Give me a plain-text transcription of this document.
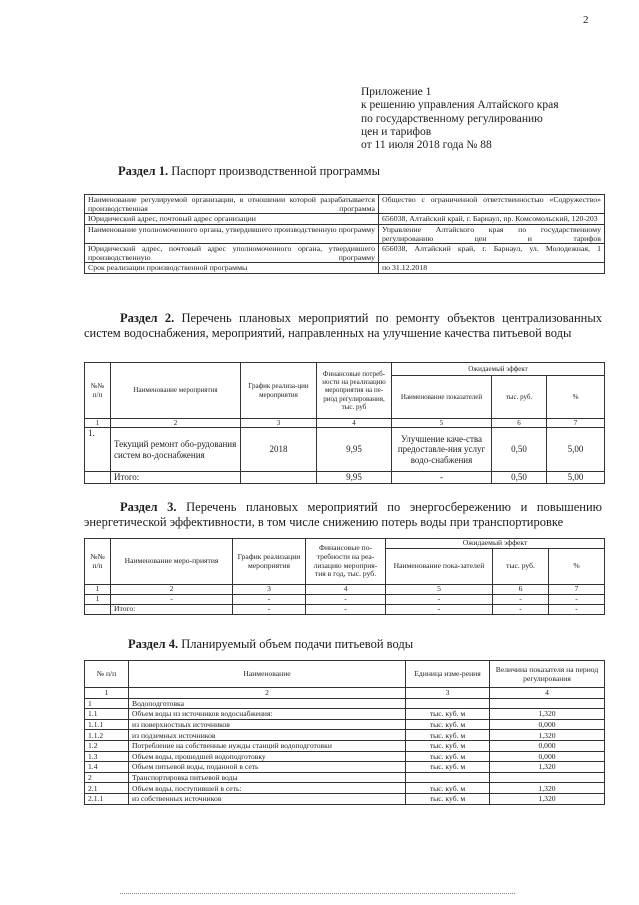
2
Приложение 1
к решению управления Алтайского края
по государственному регулированию
цен и тарифов
от 11 июля 2018 года № 88
Раздел 1. Паспорт производственной программы
Наименование регулируемой организации, в отношении которой разрабатывается производственная программа	Общество с ограниченной ответственностью «Содружество»
Юридический адрес, почтовый адрес организации	656038, Алтайский край, г. Барнаул, пр. Комсомольский, 120-203
Наименование уполномоченного органа, утвердившего производственную программу	Управление Алтайского края по государственному регулированию цен и тарифов
Юридический адрес, почтовый адрес уполномоченного органа, утвердившего производственную программу	656038, Алтайский край, г. Барнаул, ул. Молодежная, 1
Срок реализации производственной программы	по 31.12.2018
Раздел 2. Перечень плановых мероприятий по ремонту объектов централизованных систем водоснабжения, мероприятий, направленных на улучшение качества питьевой воды
№№ п/п	Наименование мероприятия	График реализа-ции мероприятия	Финансовые потреб-ности на реализацию мероприятия на пе-риод регулирования, тыс. руб	Ожидаемый эффект		
				Наименование показателей	тыс. руб.	%
1	2	3	4	5	6	7
1.	Текущий ремонт обо-рудования систем во-доснабжения	2018	9,95	Улучшение каче-ства предоставле-ния услуг водо-снабжения	0,50	5,00
	Итого:		9,95	-	0,50	5,00
Раздел 3. Перечень плановых мероприятий по энергосбережению и повышению энергетической эффективности, в том числе снижению потерь воды при транспортировке
№№ п/п	Наименование меро-приятия	График реализации мероприятия	Финансовые по-требности на реа-лизацию мероприя-тия в год, тыс. руб.	Ожидаемый эффект		
				Наименование пока-зателей	тыс. руб.	%
1	2	3	4	5	6	7
1	-	-	-	-	-	-
	Итого:	-	-	-	-	-
Раздел 4. Планируемый объем подачи питьевой воды
№ п/п	Наименование	Единица изме-рения	Величина показателя на период регулирования
1	2	3	4
1	Водоподготовка		
1.1	Объем воды из источников водоснабжения:	тыс. куб. м	1,320
1.1.1	из поверхностных источников	тыс. куб. м	0,000
1.1.2	из подземных источников	тыс. куб. м	1,320
1.2	Потребление на собственные нужды станций водоподготовки	тыс. куб. м	0,000
1.3	Объем воды, прошедшей водоподготовку	тыс. куб. м	0,000
1.4	Объем питьевой воды, поданной в сеть	тыс. куб. м	1,320
2	Транспортировка питьевой воды		
2.1	Объем воды, поступившей в сеть:	тыс. куб. м	1,320
2.1.1	из собственных источников	тыс. куб. м	1,320
